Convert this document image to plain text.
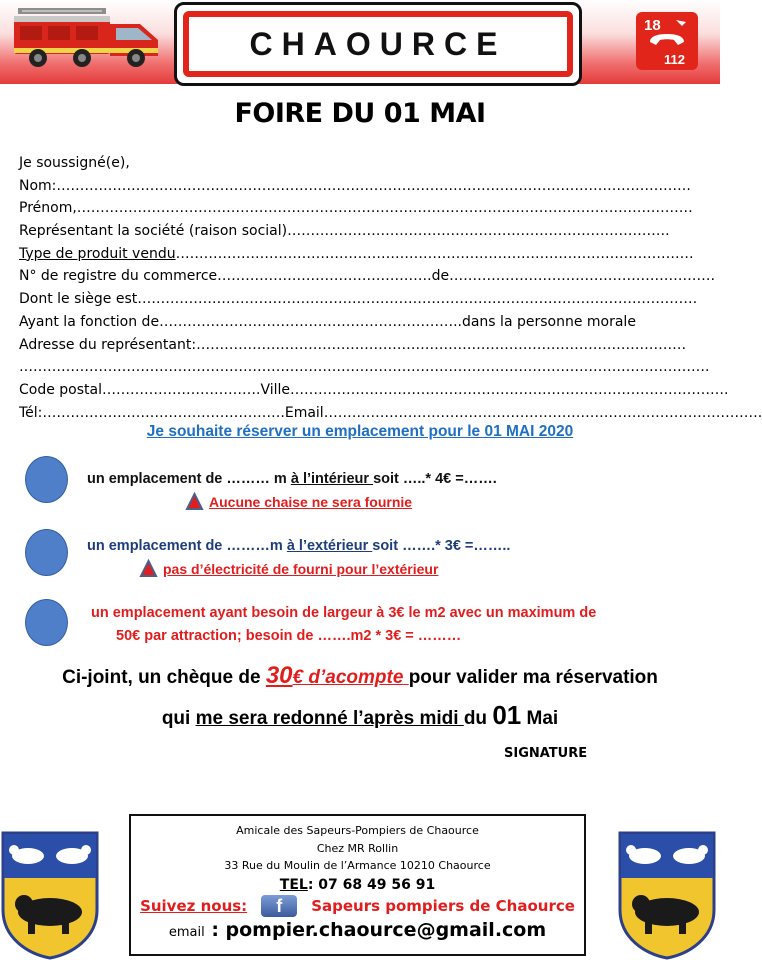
CHAOURCE	18
112
FOIRE DU 01 MAI
Je soussigné(e),
Nom:……………………………………………………………………………………………………………………….
Prénom,……………………………………………………………………………………………………………………
Représentant la société (raison social)……………………………………………………………………….
Type de produit vendu…………………………………………………………………………………………………
N° de registre du commerce……………………………………….de…………………………………………………
Dont le siège est…………………………………………………………………………………………………………
Ayant la fonction de………………………………………………………..dans la personne morale
Adresse du représentant:……………………………………………………………………………………………
………………………………………………………………………………………………………………………………….
Code postal…………………………….Ville………………………………………………………………………………….
Tél:…………………………………………….Email………………………………………………………………………………….
Je souhaite réserver un emplacement pour le 01 MAI 2020
un emplacement de ……… m à l’intérieur soit …..* 4€ =…….
Aucune chaise ne sera fournie
un emplacement de ………m à l’extérieur soit …….* 3€ =……..
pas d’électricité de fourni pour l’extérieur
un emplacement ayant besoin de largeur à 3€ le m2 avec un maximum de
50€ par attraction; besoin de …….m2 * 3€ = ………
Ci-joint, un chèque de 30€ d’acompte pour valider ma réservation
qui me sera redonné l’après midi du 01 Mai
SIGNATURE
Amicale des Sapeurs-Pompiers de Chaource
Chez MR Rollin
33 Rue du Moulin de l’Armance 10210 Chaource
TEL: 07 68 49 56 91
Suivez nous:	f	Sapeurs pompiers de Chaource
email : pompier.chaource@gmail.com
